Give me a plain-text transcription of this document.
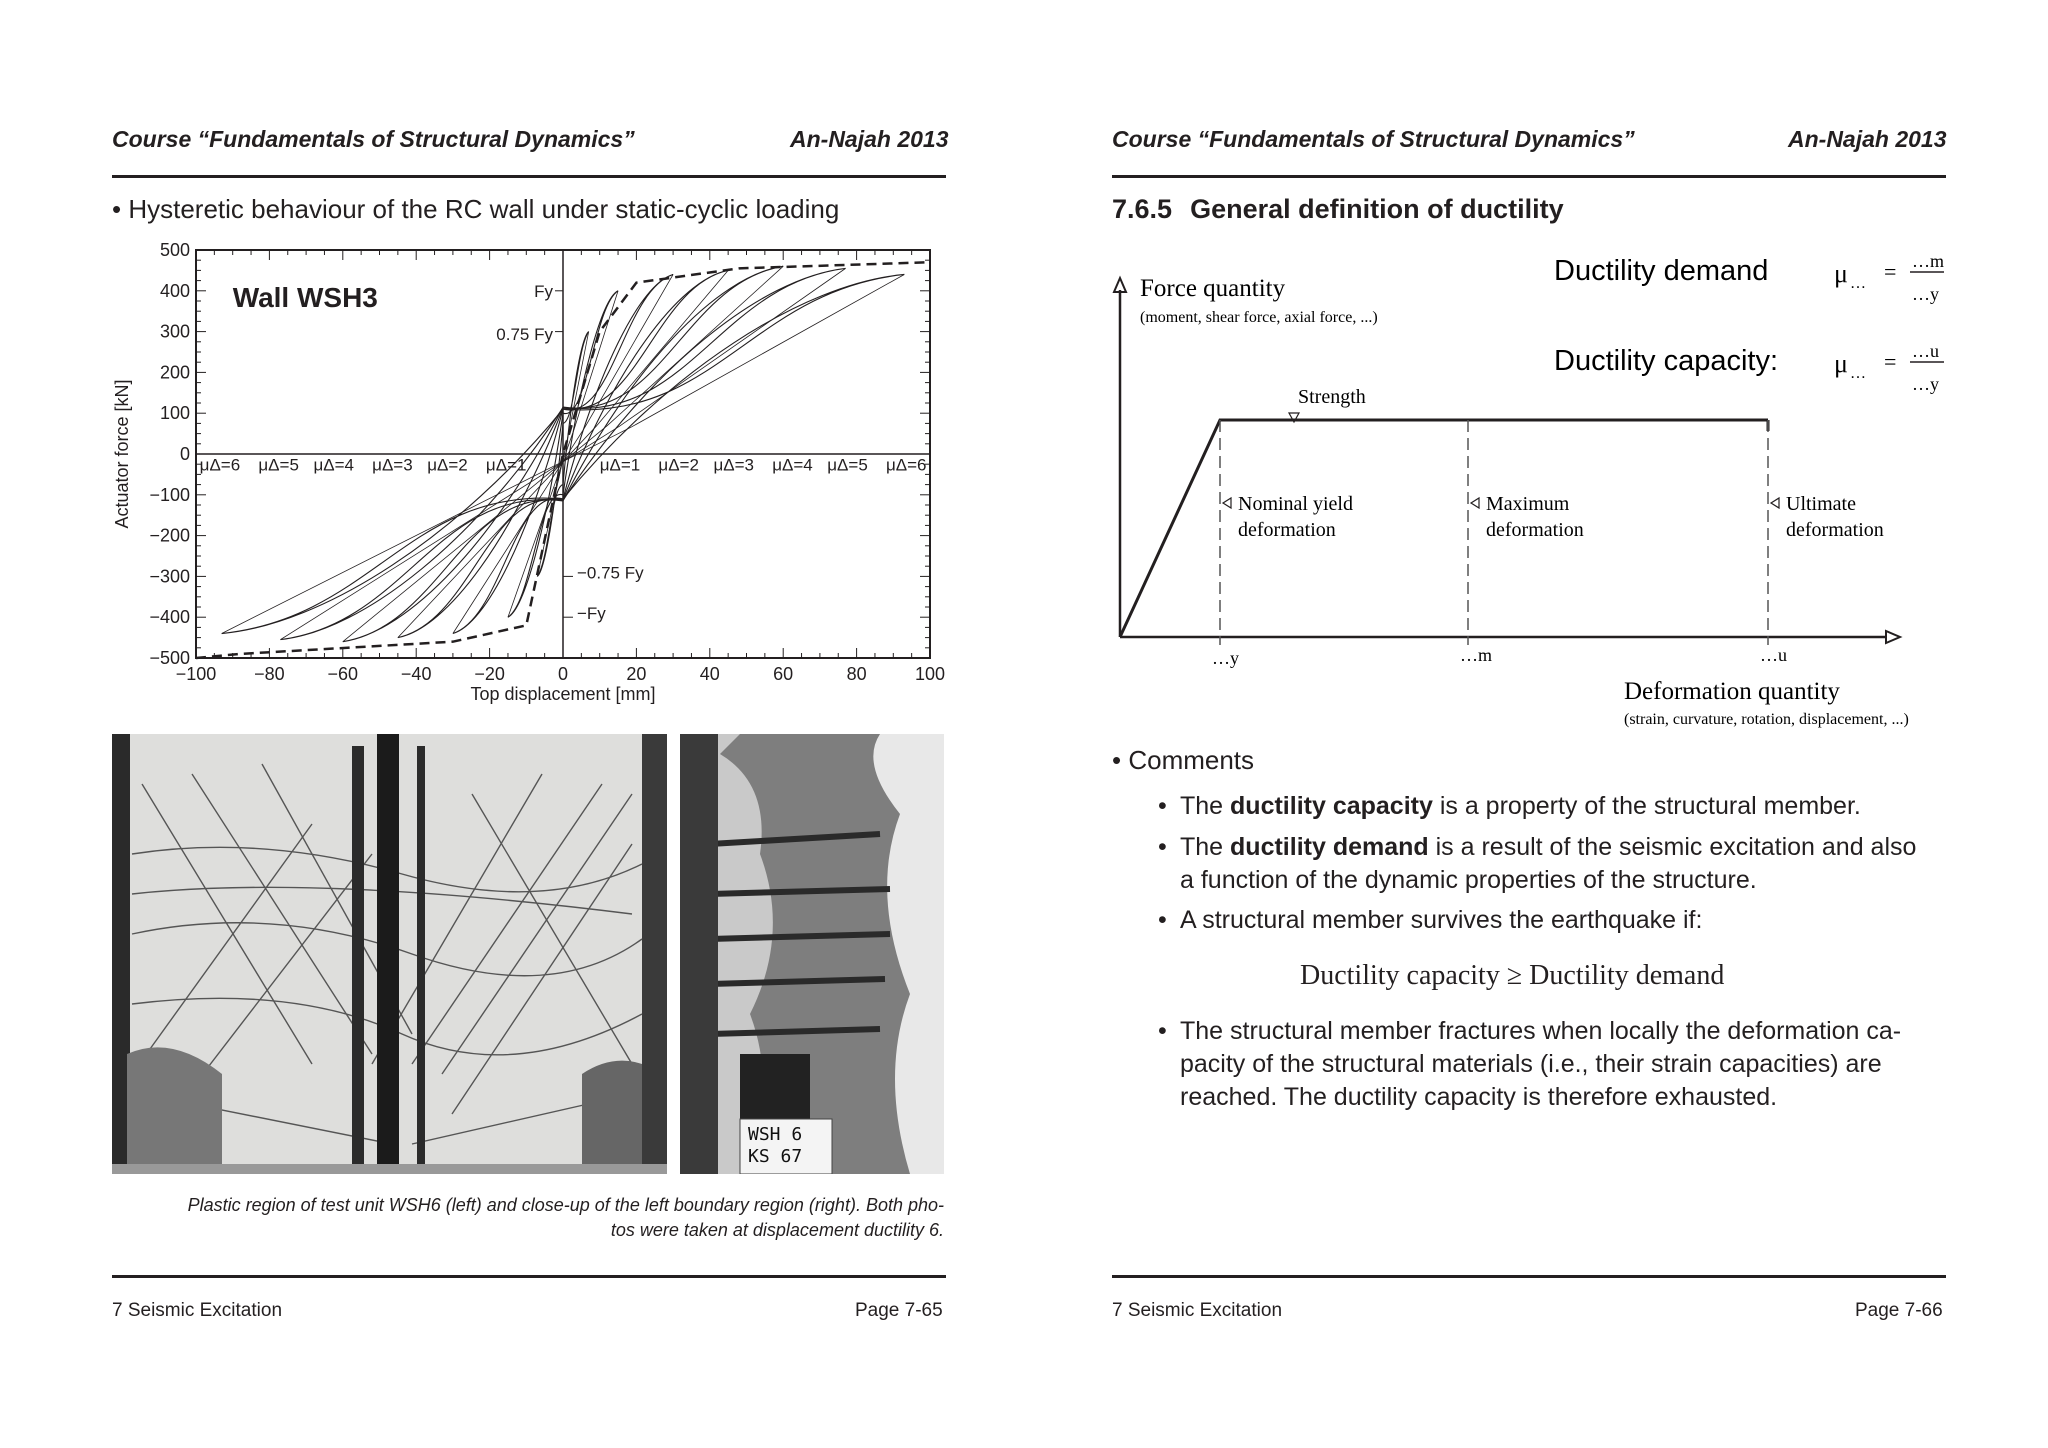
Course “Fundamentals of Structural Dynamics”	An-Najah 2013
• Hysteretic behaviour of the RC wall under static-cyclic loading
−100 −80 −60 −40 −20	0	20	40	60	80	100
500
400
300
200
100
0
−100
−200
−300
−400
−500
Top displacement [mm]
Actuator force [kN]
Wall WSH3	Fy
0.75 Fy
−0.75 Fy
−Fy
μΔ=6 μΔ=5 μΔ=4 μΔ=3 μΔ=2 μΔ=1	μΔ=1 μΔ=2 μΔ=3 μΔ=4 μΔ=5 μΔ=6
WSH 6
KS 67
Plastic region of test unit WSH6 (left) and close-up of the left boundary region (right). Both pho-
tos were taken at displacement ductility 6.
7 Seismic Excitation	Page 7-65
Course “Fundamentals of Structural Dynamics”	An-Najah 2013
7.6.5 General definition of ductility
Force quantity
(moment, shear force, axial force, ...)
Strength
Nominal yield
deformation
Maximum
deformation
Ultimate
deformation
…y	…m	…u
Deformation quantity
(strain, curvature, rotation, displacement, ...)
Ductility demand	μ … = …m
…y
Ductility capacity: μ … = …u
…y
• Comments
• The ductility capacity is a property of the structural member.
• The ductility demand is a result of the seismic excitation and also
a function of the dynamic properties of the structure.
• A structural member survives the earthquake if:
Ductility capacity ≥ Ductility demand
• The structural member fractures when locally the deformation ca-
pacity of the structural materials (i.e., their strain capacities) are
reached. The ductility capacity is therefore exhausted.
7 Seismic Excitation	Page 7-66
